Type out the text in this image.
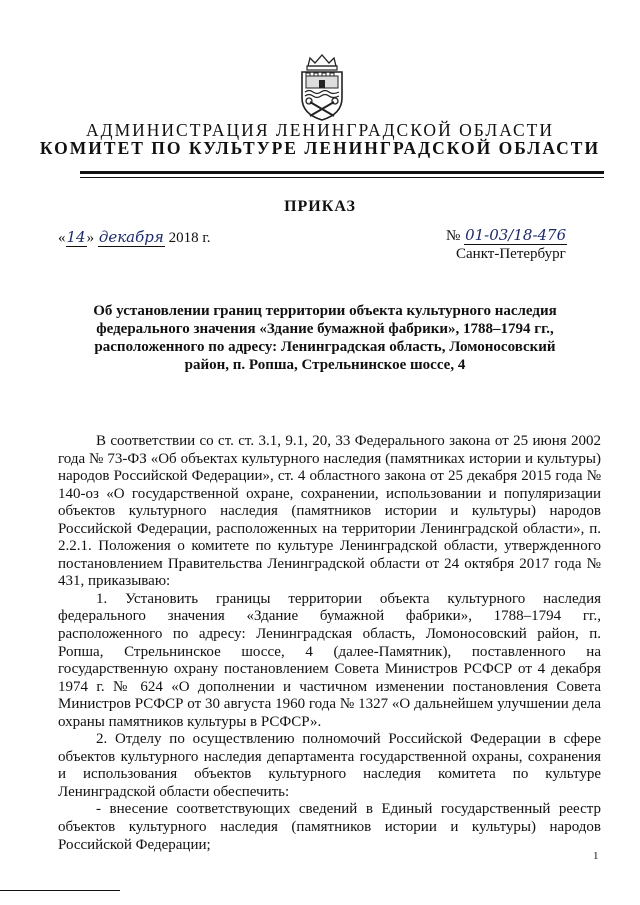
АДМИНИСТРАЦИЯ ЛЕНИНГРАДСКОЙ ОБЛАСТИ
КОМИТЕТ ПО КУЛЬТУРЕ ЛЕНИНГРАДСКОЙ ОБЛАСТИ
ПРИКАЗ
«14» декабря 2018 г.	№ 01-03/18-476
Санкт-Петербург
Об установлении границ территории объекта культурного наследия федерального значения «Здание бумажной фабрики», 1788–1794 гг., расположенного по адресу: Ленинградская область, Ломоносовский район, п. Ропша, Стрельнинское шоссе, 4

В соответствии со ст. ст. 3.1, 9.1, 20, 33 Федерального закона от 25 июня 2002 года № 73-ФЗ «Об объектах культурного наследия (памятниках истории и культуры) народов Российской Федерации», ст. 4 областного закона от 25 декабря 2015 года № 140-оз «О государственной охране, сохранении, использовании и популяризации объектов культурного наследия (памятников истории и культуры) народов Российской Федерации, расположенных на территории Ленинградской области», п. 2.2.1. Положения о комитете по культуре Ленинградской области, утвержденного постановлением Правительства Ленинградской области от 24 октября 2017 года № 431, приказываю:

1. Установить границы территории объекта культурного наследия федерального значения «Здание бумажной фабрики», 1788–1794 гг., расположенного по адресу: Ленинградская область, Ломоносовский район, п. Ропша, Стрельнинское шоссе, 4 (далее-Памятник), поставленного на государственную охрану постановлением Совета Министров РСФСР от 4 декабря 1974 г. № 624 «О дополнении и частичном изменении постановления Совета Министров РСФСР от 30 августа 1960 года № 1327 «О дальнейшем улучшении дела охраны памятников культуры в РСФСР».

2. Отделу по осуществлению полномочий Российской Федерации в сфере объектов культурного наследия департамента государственной охраны, сохранения и использования объектов культурного наследия комитета по культуре Ленинградской области обеспечить:

- внесение соответствующих сведений в Единый государственный реестр объектов культурного наследия (памятников истории и культуры) народов Российской Федерации;

1
